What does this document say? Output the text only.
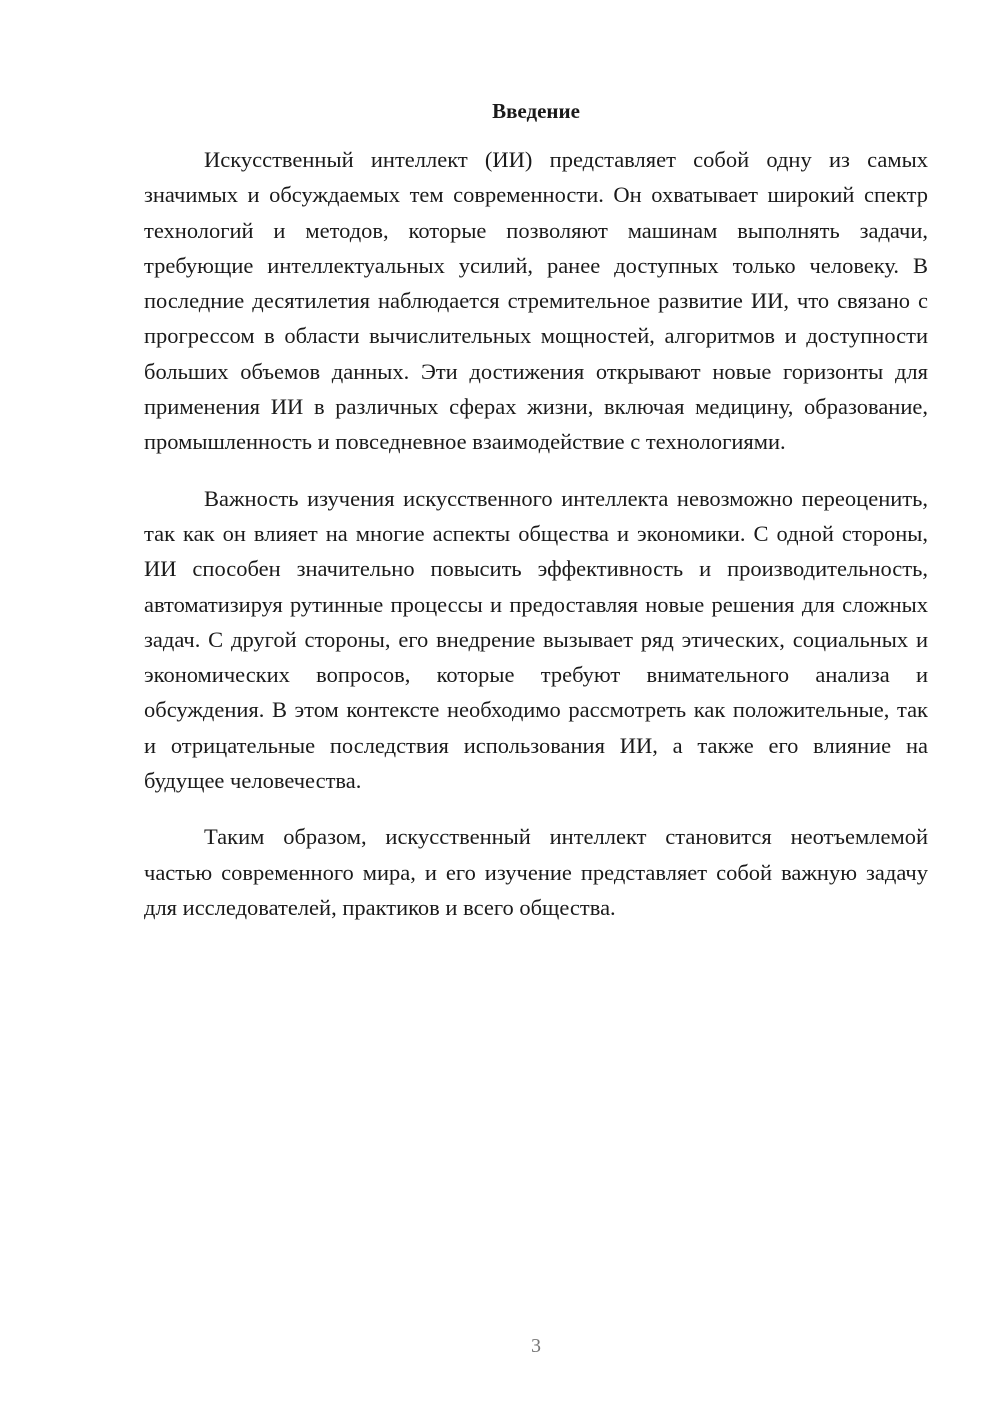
Введение

Искусственный интеллект (ИИ) представляет собой одну из самых значимых и обсуждаемых тем современности. Он охватывает широкий спектр технологий и методов, которые позволяют машинам выполнять задачи, требующие интеллектуальных усилий, ранее доступных только человеку. В последние десятилетия наблюдается стремительное развитие ИИ, что связано с прогрессом в области вычислительных мощностей, алгоритмов и доступности больших объемов данных. Эти достижения открывают новые горизонты для применения ИИ в различных сферах жизни, включая медицину, образование, промышленность и повседневное взаимодействие с технологиями.

Важность изучения искусственного интеллекта невозможно переоценить, так как он влияет на многие аспекты общества и экономики. С одной стороны, ИИ способен значительно повысить эффективность и производительность, автоматизируя рутинные процессы и предоставляя новые решения для сложных задач. С другой стороны, его внедрение вызывает ряд этических, социальных и экономических вопросов, которые требуют внимательного анализа и обсуждения. В этом контексте необходимо рассмотреть как положительные, так и отрицательные последствия использования ИИ, а также его влияние на будущее человечества.

Таким образом, искусственный интеллект становится неотъемлемой частью современного мира, и его изучение представляет собой важную задачу для исследователей, практиков и всего общества.

3
